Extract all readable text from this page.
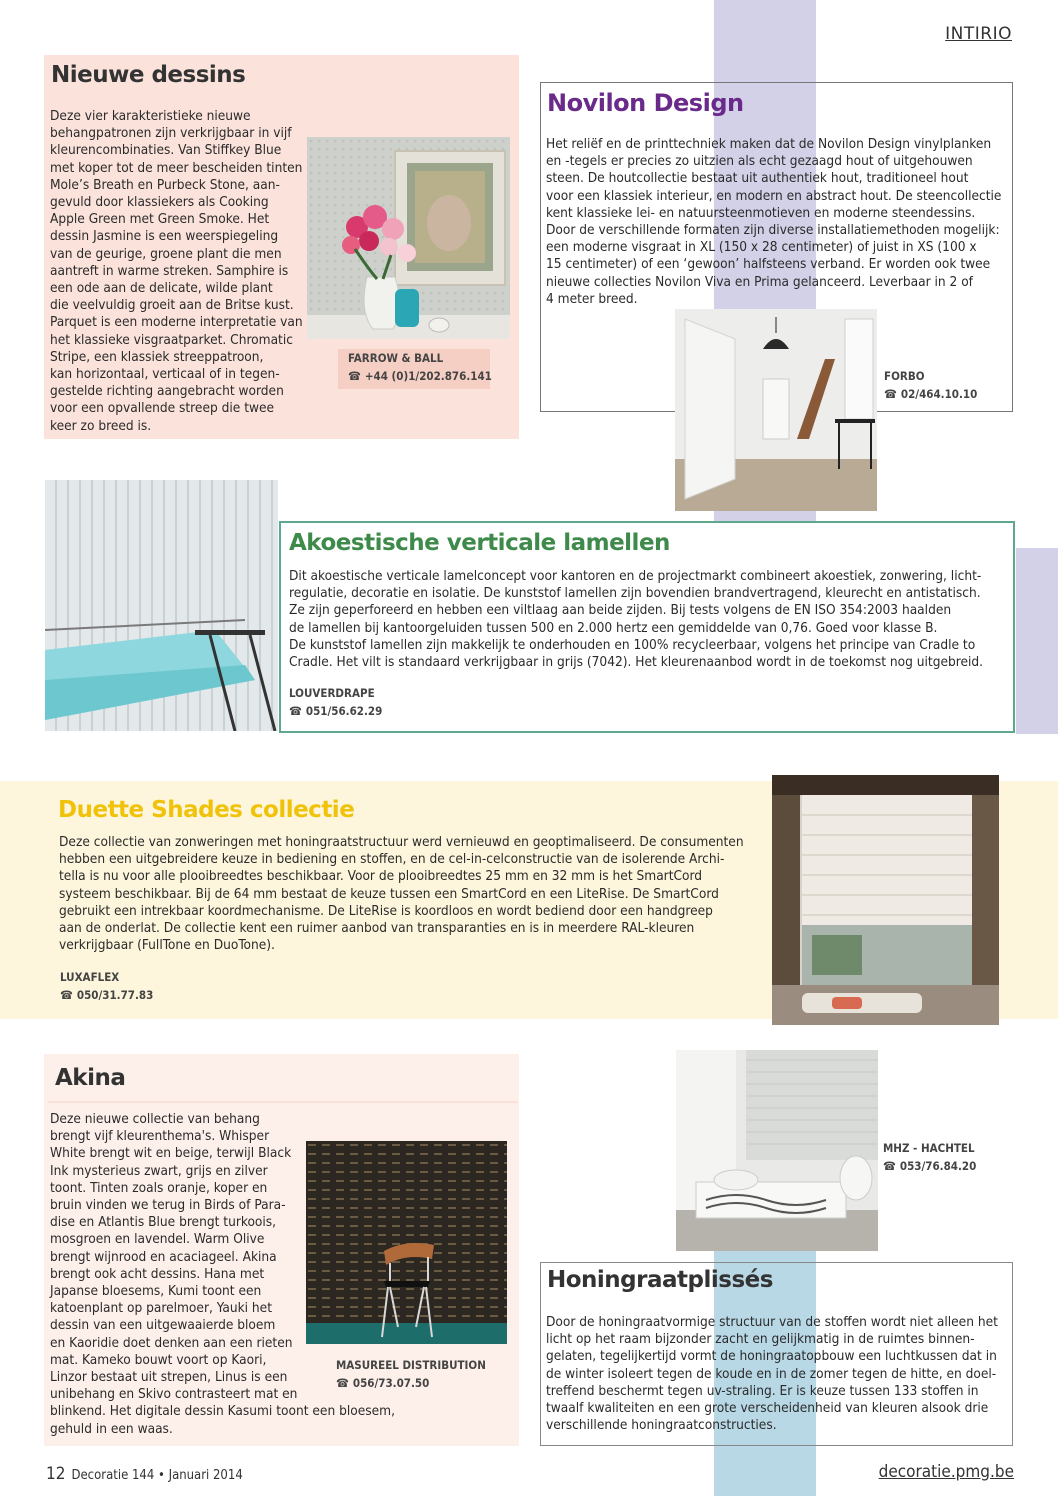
INTIRIO
Nieuwe dessins
Deze vier karakteristieke nieuwe
behangpatronen zijn verkrijgbaar in vijf
kleurencombinaties. Van Stiffkey Blue
met koper tot de meer bescheiden tinten
Mole’s Breath en Purbeck Stone, aan-
gevuld door klassiekers als Cooking
Apple Green met Green Smoke. Het
dessin Jasmine is een weerspiegeling
van de geurige, groene plant die men
aantreft in warme streken. Samphire is
een ode aan de delicate, wilde plant
die veelvuldig groeit aan de Britse kust.
Parquet is een moderne interpretatie van
het klassieke visgraatparket. Chromatic
Stripe, een klassiek streeppatroon,
kan horizontaal, verticaal of in tegen-
gestelde richting aangebracht worden
voor een opvallende streep die twee
keer zo breed is.
FARROW & BALL
☎ +44 (0)1/202.876.141
Novilon Design
Het reliëf en de printtechniek maken dat de Novilon Design vinylplanken
en -tegels er precies zo uitzien als echt gezaagd hout of uitgehouwen
steen. De houtcollectie bestaat uit authentiek hout, traditioneel hout
voor een klassiek interieur, en modern en abstract hout. De steencollectie
kent klassieke lei- en natuursteenmotieven en moderne steendessins.
Door de verschillende formaten zijn diverse installatiemethoden mogelijk:
een moderne visgraat in XL (150 x 28 centimeter) of juist in XS (100 x
15 centimeter) of een ‘gewoon’ halfsteens verband. Er worden ook twee
nieuwe collecties Novilon Viva en Prima gelanceerd. Leverbaar in 2 of
4 meter breed.
FORBO
☎ 02/464.10.10
Akoestische verticale lamellen
Dit akoestische verticale lamelconcept voor kantoren en de projectmarkt combineert akoestiek, zonwering, licht-
regulatie, decoratie en isolatie. De kunststof lamellen zijn bovendien brandvertragend, kleurecht en antistatisch.
Ze zijn geperforeerd en hebben een viltlaag aan beide zijden. Bij tests volgens de EN ISO 354:2003 haalden
de lamellen bij kantoorgeluiden tussen 500 en 2.000 hertz een gemiddelde van 0,76. Goed voor klasse B.
De kunststof lamellen zijn makkelijk te onderhouden en 100% recycleerbaar, volgens het principe van Cradle to
Cradle. Het vilt is standaard verkrijgbaar in grijs (7042). Het kleurenaanbod wordt in de toekomst nog uitgebreid.
LOUVERDRAPE
☎ 051/56.62.29
Duette Shades collectie
Deze collectie van zonweringen met honingraatstructuur werd vernieuwd en geoptimaliseerd. De consumenten
hebben een uitgebreidere keuze in bediening en stoffen, en de cel-in-celconstructie van de isolerende Archi-
tella is nu voor alle plooibreedtes beschikbaar. Voor de plooibreedtes 25 mm en 32 mm is het SmartCord
systeem beschikbaar. Bij de 64 mm bestaat de keuze tussen een SmartCord en een LiteRise. De SmartCord
gebruikt een intrekbaar koordmechanisme. De LiteRise is koordloos en wordt bediend door een handgreep
aan de onderlat. De collectie kent een ruimer aanbod van transparanties en is in meerdere RAL-kleuren
verkrijgbaar (FullTone en DuoTone).
LUXAFLEX
☎ 050/31.77.83
Akina
Deze nieuwe collectie van behang
brengt vijf kleurenthema's. Whisper
White brengt wit en beige, terwijl Black
Ink mysterieus zwart, grijs en zilver
toont. Tinten zoals oranje, koper en
bruin vinden we terug in Birds of Para-
dise en Atlantis Blue brengt turkoois,
mosgroen en lavendel. Warm Olive
brengt wijnrood en acaciageel. Akina
brengt ook acht dessins. Hana met
Japanse bloesems, Kumi toont een
katoenplant op parelmoer, Yauki het
dessin van een uitgewaaierde bloem
en Kaoridie doet denken aan een rieten
mat. Kameko bouwt voort op Kaori,
Linzor bestaat uit strepen, Linus is een
unibehang en Skivo contrasteert mat en
blinkend. Het digitale dessin Kasumi toont een bloesem,
gehuld in een waas.
MASUREEL DISTRIBUTION
☎ 056/73.07.50
MHZ - HACHTEL
☎ 053/76.84.20
Honingraatplissés
Door de honingraatvormige structuur van de stoffen wordt niet alleen het
licht op het raam bijzonder zacht en gelijkmatig in de ruimtes binnen-
gelaten, tegelijkertijd vormt de honingraatopbouw een luchtkussen dat in
de winter isoleert tegen de koude en in de zomer tegen de hitte, en doel-
treffend beschermt tegen uv-straling. Er is keuze tussen 133 stoffen in
twaalf kwaliteiten en een grote verscheidenheid van kleuren alsook drie
verschillende honingraatconstructies.
12 Decoratie 144 • Januari 2014	decoratie.pmg.be
